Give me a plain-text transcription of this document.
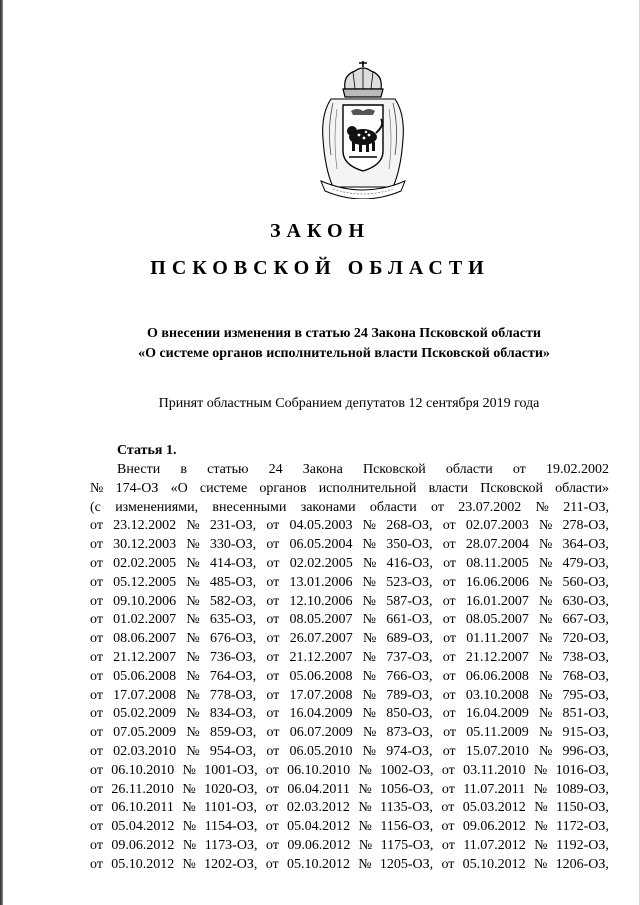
ЗАКОН
ПСКОВСКОЙ ОБЛАСТИ
О внесении изменения в статью 24 Закона Псковской области
«О системе органов исполнительной власти Псковской области»
Принят областным Собранием депутатов 12 сентября 2019 года
Статья 1.
Внести в статью 24 Закона Псковской области от 19.02.2002
№ 174-ОЗ «О системе органов исполнительной власти Псковской области»
(с изменениями, внесенными законами области от 23.07.2002 № 211-ОЗ,
от 23.12.2002 № 231-ОЗ, от 04.05.2003 № 268-ОЗ, от 02.07.2003 № 278-ОЗ,
от 30.12.2003 № 330-ОЗ, от 06.05.2004 № 350-ОЗ, от 28.07.2004 № 364-ОЗ,
от 02.02.2005 № 414-ОЗ, от 02.02.2005 № 416-ОЗ, от 08.11.2005 № 479-ОЗ,
от 05.12.2005 № 485-ОЗ, от 13.01.2006 № 523-ОЗ, от 16.06.2006 № 560-ОЗ,
от 09.10.2006 № 582-ОЗ, от 12.10.2006 № 587-ОЗ, от 16.01.2007 № 630-ОЗ,
от 01.02.2007 № 635-ОЗ, от 08.05.2007 № 661-ОЗ, от 08.05.2007 № 667-ОЗ,
от 08.06.2007 № 676-ОЗ, от 26.07.2007 № 689-ОЗ, от 01.11.2007 № 720-ОЗ,
от 21.12.2007 № 736-ОЗ, от 21.12.2007 № 737-ОЗ, от 21.12.2007 № 738-ОЗ,
от 05.06.2008 № 764-ОЗ, от 05.06.2008 № 766-ОЗ, от 06.06.2008 № 768-ОЗ,
от 17.07.2008 № 778-ОЗ, от 17.07.2008 № 789-ОЗ, от 03.10.2008 № 795-ОЗ,
от 05.02.2009 № 834-ОЗ, от 16.04.2009 № 850-ОЗ, от 16.04.2009 № 851-ОЗ,
от 07.05.2009 № 859-ОЗ, от 06.07.2009 № 873-ОЗ, от 05.11.2009 № 915-ОЗ,
от 02.03.2010 № 954-ОЗ, от 06.05.2010 № 974-ОЗ, от 15.07.2010 № 996-ОЗ,
от 06.10.2010 № 1001-ОЗ, от 06.10.2010 № 1002-ОЗ, от 03.11.2010 № 1016-ОЗ,
от 26.11.2010 № 1020-ОЗ, от 06.04.2011 № 1056-ОЗ, от 11.07.2011 № 1089-ОЗ,
от 06.10.2011 № 1101-ОЗ, от 02.03.2012 № 1135-ОЗ, от 05.03.2012 № 1150-ОЗ,
от 05.04.2012 № 1154-ОЗ, от 05.04.2012 № 1156-ОЗ, от 09.06.2012 № 1172-ОЗ,
от 09.06.2012 № 1173-ОЗ, от 09.06.2012 № 1175-ОЗ, от 11.07.2012 № 1192-ОЗ,
от 05.10.2012 № 1202-ОЗ, от 05.10.2012 № 1205-ОЗ, от 05.10.2012 № 1206-ОЗ,
